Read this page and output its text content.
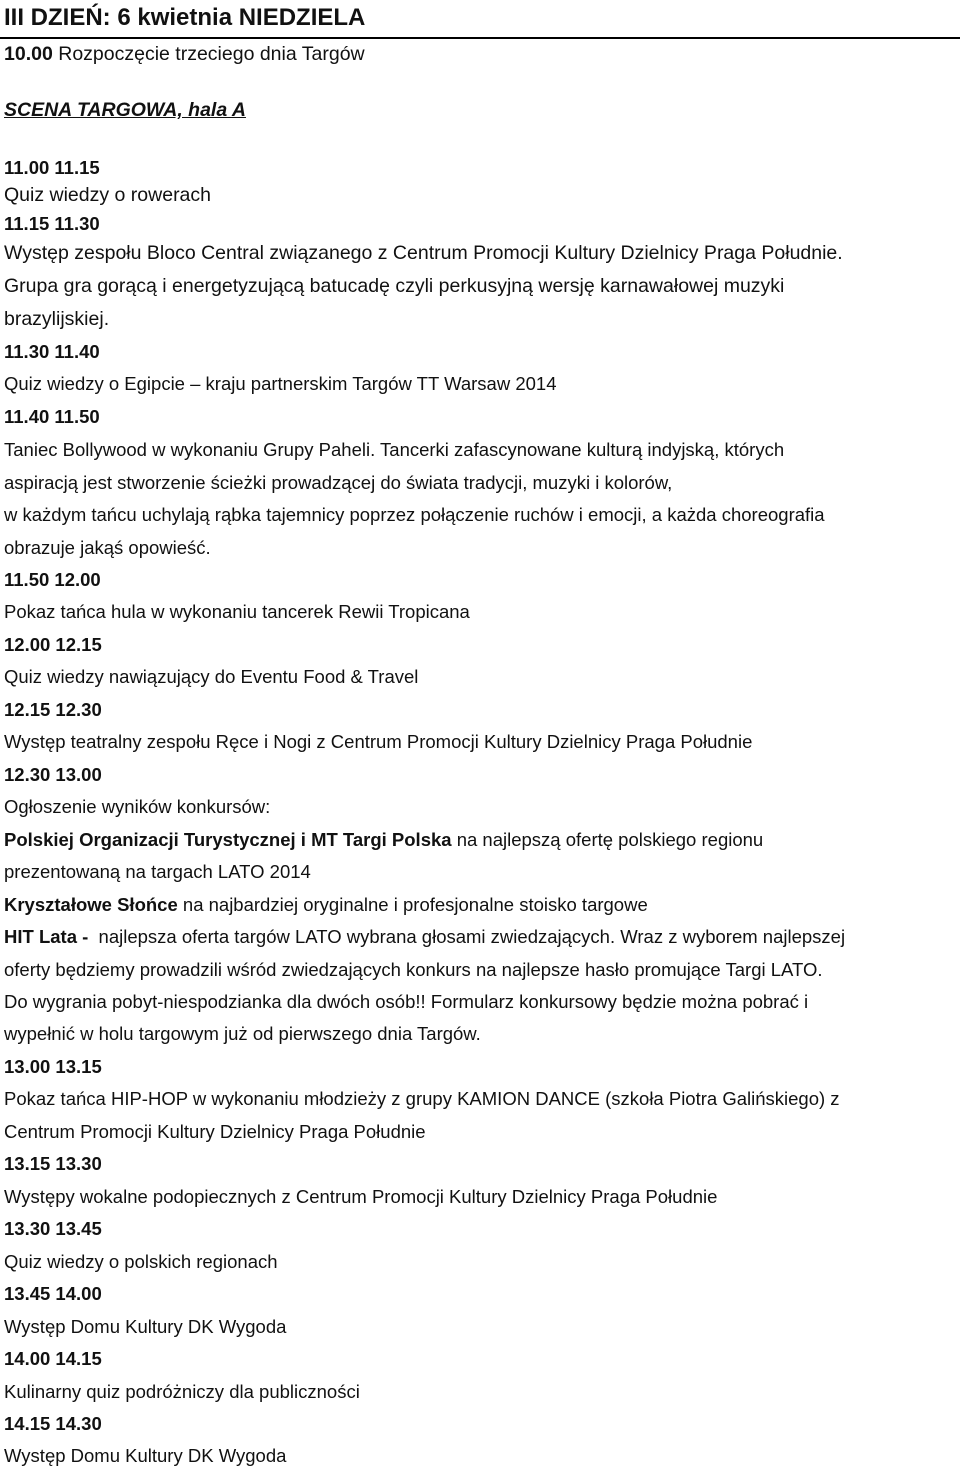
III DZIEŃ: 6 kwietnia NIEDZIELA
10.00 Rozpoczęcie trzeciego dnia Targów
SCENA TARGOWA, hala A
11.00 11.15
Quiz wiedzy o rowerach
11.15 11.30
Występ zespołu Bloco Central związanego z Centrum Promocji Kultury Dzielnicy Praga Południe.
Grupa gra gorącą i energetyzującą batucadę czyli perkusyjną wersję karnawałowej muzyki
brazylijskiej.
11.30 11.40
Quiz wiedzy o Egipcie – kraju partnerskim Targów TT Warsaw 2014
11.40 11.50
Taniec Bollywood w wykonaniu Grupy Paheli. Tancerki zafascynowane kulturą indyjską, których
aspiracją jest stworzenie ścieżki prowadzącej do świata tradycji, muzyki i kolorów,
w każdym tańcu uchylają rąbka tajemnicy poprzez połączenie ruchów i emocji, a każda choreografia
obrazuje jakąś opowieść.
11.50 12.00
Pokaz tańca hula w wykonaniu tancerek Rewii Tropicana
12.00 12.15
Quiz wiedzy nawiązujący do Eventu Food & Travel
12.15 12.30
Występ teatralny zespołu Ręce i Nogi z Centrum Promocji Kultury Dzielnicy Praga Południe
12.30 13.00
Ogłoszenie wyników konkursów:
Polskiej Organizacji Turystycznej i MT Targi Polska na najlepszą ofertę polskiego regionu
prezentowaną na targach LATO 2014
Kryształowe Słońce na najbardziej oryginalne i profesjonalne stoisko targowe
HIT Lata -  najlepsza oferta targów LATO wybrana głosami zwiedzających. Wraz z wyborem najlepszej
oferty będziemy prowadzili wśród zwiedzających konkurs na najlepsze hasło promujące Targi LATO.
Do wygrania pobyt-niespodzianka dla dwóch osób!! Formularz konkursowy będzie można pobrać i
wypełnić w holu targowym już od pierwszego dnia Targów.
13.00 13.15
Pokaz tańca HIP-HOP w wykonaniu młodzieży z grupy KAMION DANCE (szkoła Piotra Galińskiego) z
Centrum Promocji Kultury Dzielnicy Praga Południe
13.15 13.30
Występy wokalne podopiecznych z Centrum Promocji Kultury Dzielnicy Praga Południe
13.30 13.45
Quiz wiedzy o polskich regionach
13.45 14.00
Występ Domu Kultury DK Wygoda
14.00 14.15
Kulinarny quiz podróżniczy dla publiczności
14.15 14.30
Występ Domu Kultury DK Wygoda
